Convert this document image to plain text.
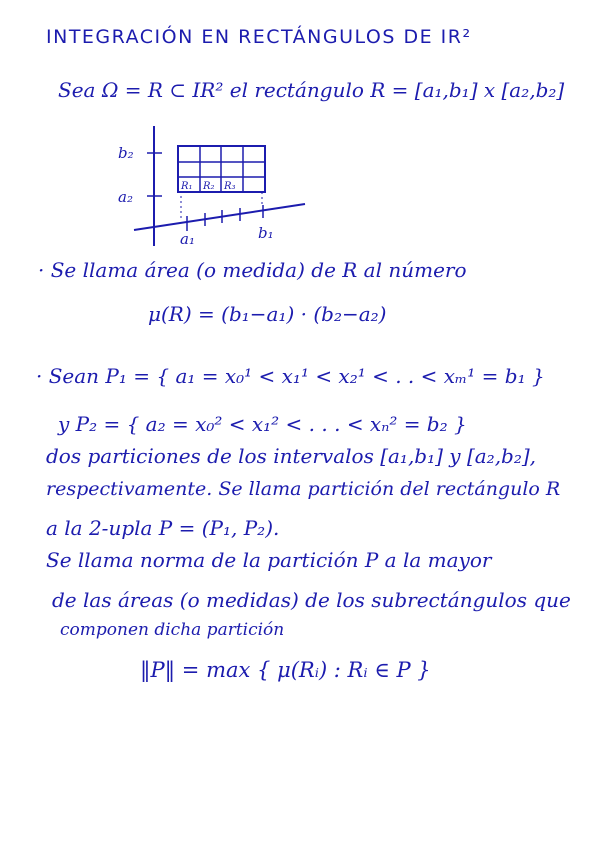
INTEGRACIÓN EN RECTÁNGULOS DE IR²
Sea Ω = R ⊂ IR² el rectángulo R = [a₁,b₁] x [a₂,b₂]
b₂
a₂
a₁	b₁
R₁ R₂ R₃
· Se llama área (o medida) de R al número
μ(R) = (b₁−a₁) · (b₂−a₂)
· Sean P₁ = { a₁ = x₀¹ < x₁¹ < x₂¹ < . . < xₘ¹ = b₁ }
y P₂ = { a₂ = x₀² < x₁² < . . . < xₙ² = b₂ }
dos particiones de los intervalos [a₁,b₁] y [a₂,b₂],
respectivamente. Se llama partición del rectángulo R
a la 2-upla P = (P₁, P₂).
Se llama norma de la partición P a la mayor
de las áreas (o medidas) de los subrectángulos que
componen dicha partición
‖P‖ = max { μ(Rᵢ) : Rᵢ ∈ P }
